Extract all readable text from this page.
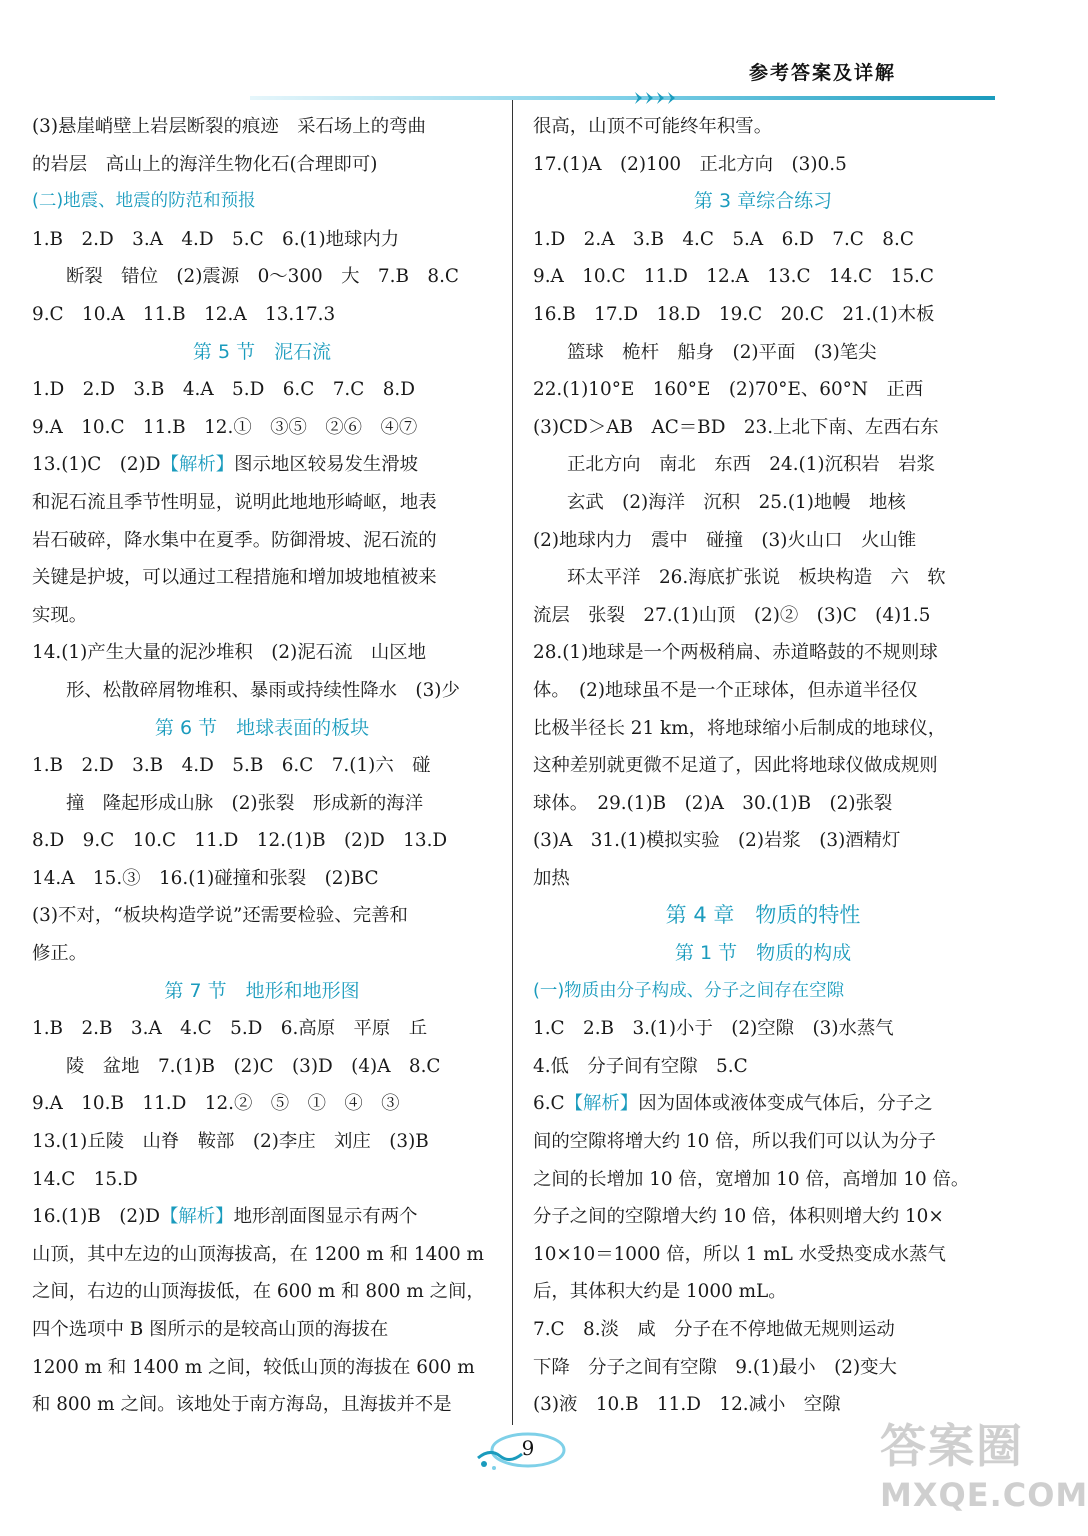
参考答案及详解
(3)悬崖峭壁上岩层断裂的痕迹　采石场上的弯曲
的岩层　高山上的海洋生物化石(合理即可)
(二)地震、地震的防范和预报
1.B　2.D　3.A　4.D　5.C　6.(1)地球内力
断裂　错位　(2)震源　0～300　大　7.B　8.C
9.C　10.A　11.B　12.A　13.17.3
第 5 节　泥石流
1.D　2.D　3.B　4.A　5.D　6.C　7.C　8.D
9.A　10.C　11.B　12.①　③⑤　②⑥　④⑦
13.(1)C　(2)D【解析】图示地区较易发生滑坡
和泥石流且季节性明显，说明此地地形崎岖，地表
岩石破碎，降水集中在夏季。防御滑坡、泥石流的
关键是护坡，可以通过工程措施和增加坡地植被来
实现。
14.(1)产生大量的泥沙堆积　(2)泥石流　山区地
形、松散碎屑物堆积、暴雨或持续性降水　(3)少
第 6 节　地球表面的板块
1.B　2.D　3.B　4.D　5.B　6.C　7.(1)六　碰
撞　隆起形成山脉　(2)张裂　形成新的海洋
8.D　9.C　10.C　11.D　12.(1)B　(2)D　13.D
14.A　15.③　16.(1)碰撞和张裂　(2)BC
(3)不对，“板块构造学说”还需要检验、完善和
修正。
第 7 节　地形和地形图
1.B　2.B　3.A　4.C　5.D　6.高原　平原　丘
陵　盆地　7.(1)B　(2)C　(3)D　(4)A　8.C
9.A　10.B　11.D　12.②　⑤　①　④　③
13.(1)丘陵　山脊　鞍部　(2)李庄　刘庄　(3)B
14.C　15.D
16.(1)B　(2)D【解析】地形剖面图显示有两个
山顶，其中左边的山顶海拔高，在 1200 m 和 1400 m
之间，右边的山顶海拔低，在 600 m 和 800 m 之间，
四个选项中 B 图所示的是较高山顶的海拔在
1200 m 和 1400 m 之间，较低山顶的海拔在 600 m
和 800 m 之间。该地处于南方海岛，且海拔并不是
很高，山顶不可能终年积雪。
17.(1)A　(2)100　正北方向　(3)0.5
第 3 章综合练习
1.D　2.A　3.B　4.C　5.A　6.D　7.C　8.C
9.A　10.C　11.D　12.A　13.C　14.C　15.C
16.B　17.D　18.D　19.C　20.C　21.(1)木板
篮球　桅杆　船身　(2)平面　(3)笔尖
22.(1)10°E　160°E　(2)70°E、60°N　正西
(3)CD＞AB　AC＝BD　23.上北下南、左西右东
正北方向　南北　东西　24.(1)沉积岩　岩浆
玄武　(2)海洋　沉积　25.(1)地幔　地核
(2)地球内力　震中　碰撞　(3)火山口　火山锥
环太平洋　26.海底扩张说　板块构造　六　软
流层　张裂　27.(1)山顶　(2)②　(3)C　(4)1.5
28.(1)地球是一个两极稍扁、赤道略鼓的不规则球
体。　(2)地球虽不是一个正球体，但赤道半径仅
比极半径长 21 km，将地球缩小后制成的地球仪，
这种差别就更微不足道了，因此将地球仪做成规则
球体。　29.(1)B　(2)A　30.(1)B　(2)张裂
(3)A　31.(1)模拟实验　(2)岩浆　(3)酒精灯
加热
第 4 章　物质的特性
第 1 节　物质的构成
(一)物质由分子构成、分子之间存在空隙
1.C　2.B　3.(1)小于　(2)空隙　(3)水蒸气
4.低　分子间有空隙　5.C
6.C【解析】因为固体或液体变成气体后，分子之
间的空隙将增大约 10 倍，所以我们可以认为分子
之间的长增加 10 倍，宽增加 10 倍，高增加 10 倍。
分子之间的空隙增大约 10 倍，体积则增大约 10×
10×10＝1000 倍，所以 1 mL 水受热变成水蒸气
后，其体积大约是 1000 mL。
7.C　8.淡　咸　分子在不停地做无规则运动
下降　分子之间有空隙　9.(1)最小　(2)变大
(3)液　10.B　11.D　12.减小　空隙
9	答案圈
MXQE.COM
